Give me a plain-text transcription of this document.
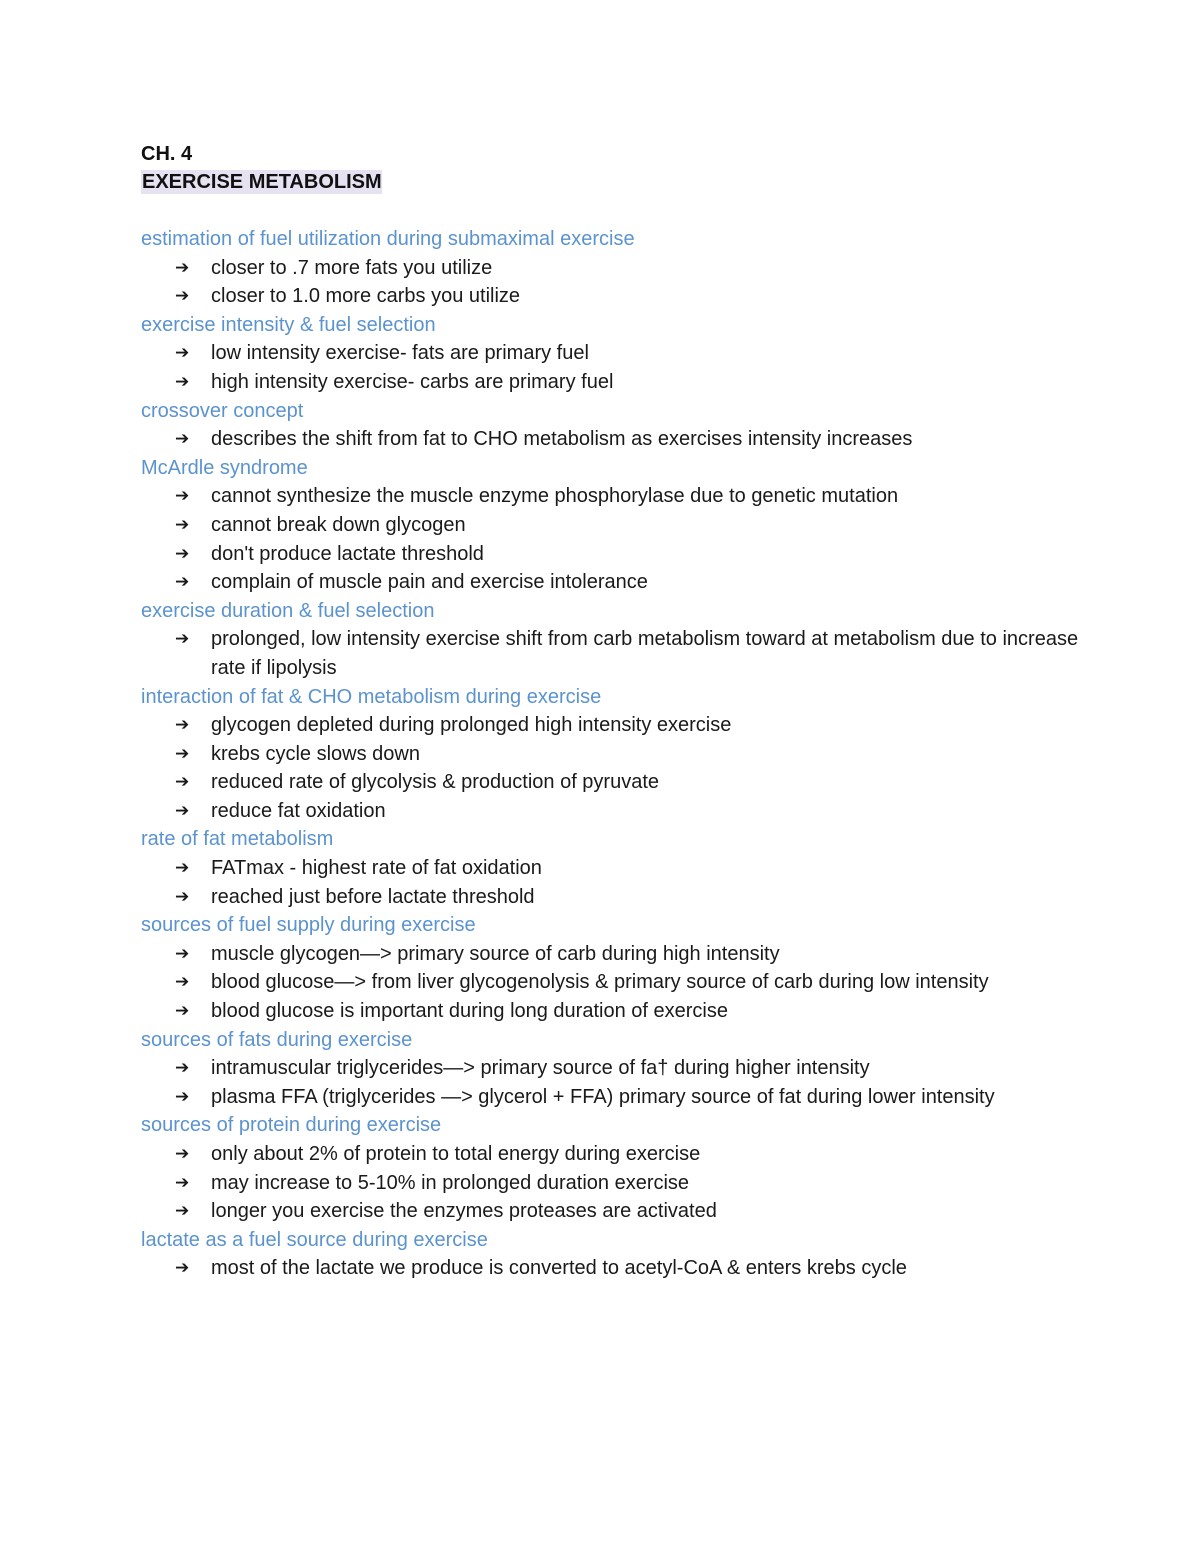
CH. 4
EXERCISE METABOLISM
estimation of fuel utilization during submaximal exercise
➔ closer to .7 more fats you utilize
➔ closer to 1.0 more carbs you utilize
exercise intensity & fuel selection
➔ low intensity exercise- fats are primary fuel
➔ high intensity exercise- carbs are primary fuel
crossover concept
➔ describes the shift from fat to CHO metabolism as exercises intensity increases
McArdle syndrome
➔ cannot synthesize the muscle enzyme phosphorylase due to genetic mutation
➔ cannot break down glycogen
➔ don't produce lactate threshold
➔ complain of muscle pain and exercise intolerance
exercise duration & fuel selection
➔ prolonged, low intensity exercise shift from carb metabolism toward at metabolism due to increase rate if lipolysis
interaction of fat & CHO metabolism during exercise
➔ glycogen depleted during prolonged high intensity exercise
➔ krebs cycle slows down
➔ reduced rate of glycolysis & production of pyruvate
➔ reduce fat oxidation
rate of fat metabolism
➔ FATmax - highest rate of fat oxidation
➔ reached just before lactate threshold
sources of fuel supply during exercise
➔ muscle glycogen—> primary source of carb during high intensity
➔ blood glucose—> from liver glycogenolysis & primary source of carb during low intensity
➔ blood glucose is important during long duration of exercise
sources of fats during exercise
➔ intramuscular triglycerides—> primary source of fa† during higher intensity
➔ plasma FFA (triglycerides —> glycerol + FFA) primary source of fat during lower intensity
sources of protein during exercise
➔ only about 2% of protein to total energy during exercise
➔ may increase to 5-10% in prolonged duration exercise
➔ longer you exercise the enzymes proteases are activated
lactate as a fuel source during exercise
➔ most of the lactate we produce is converted to acetyl-CoA & enters krebs cycle
